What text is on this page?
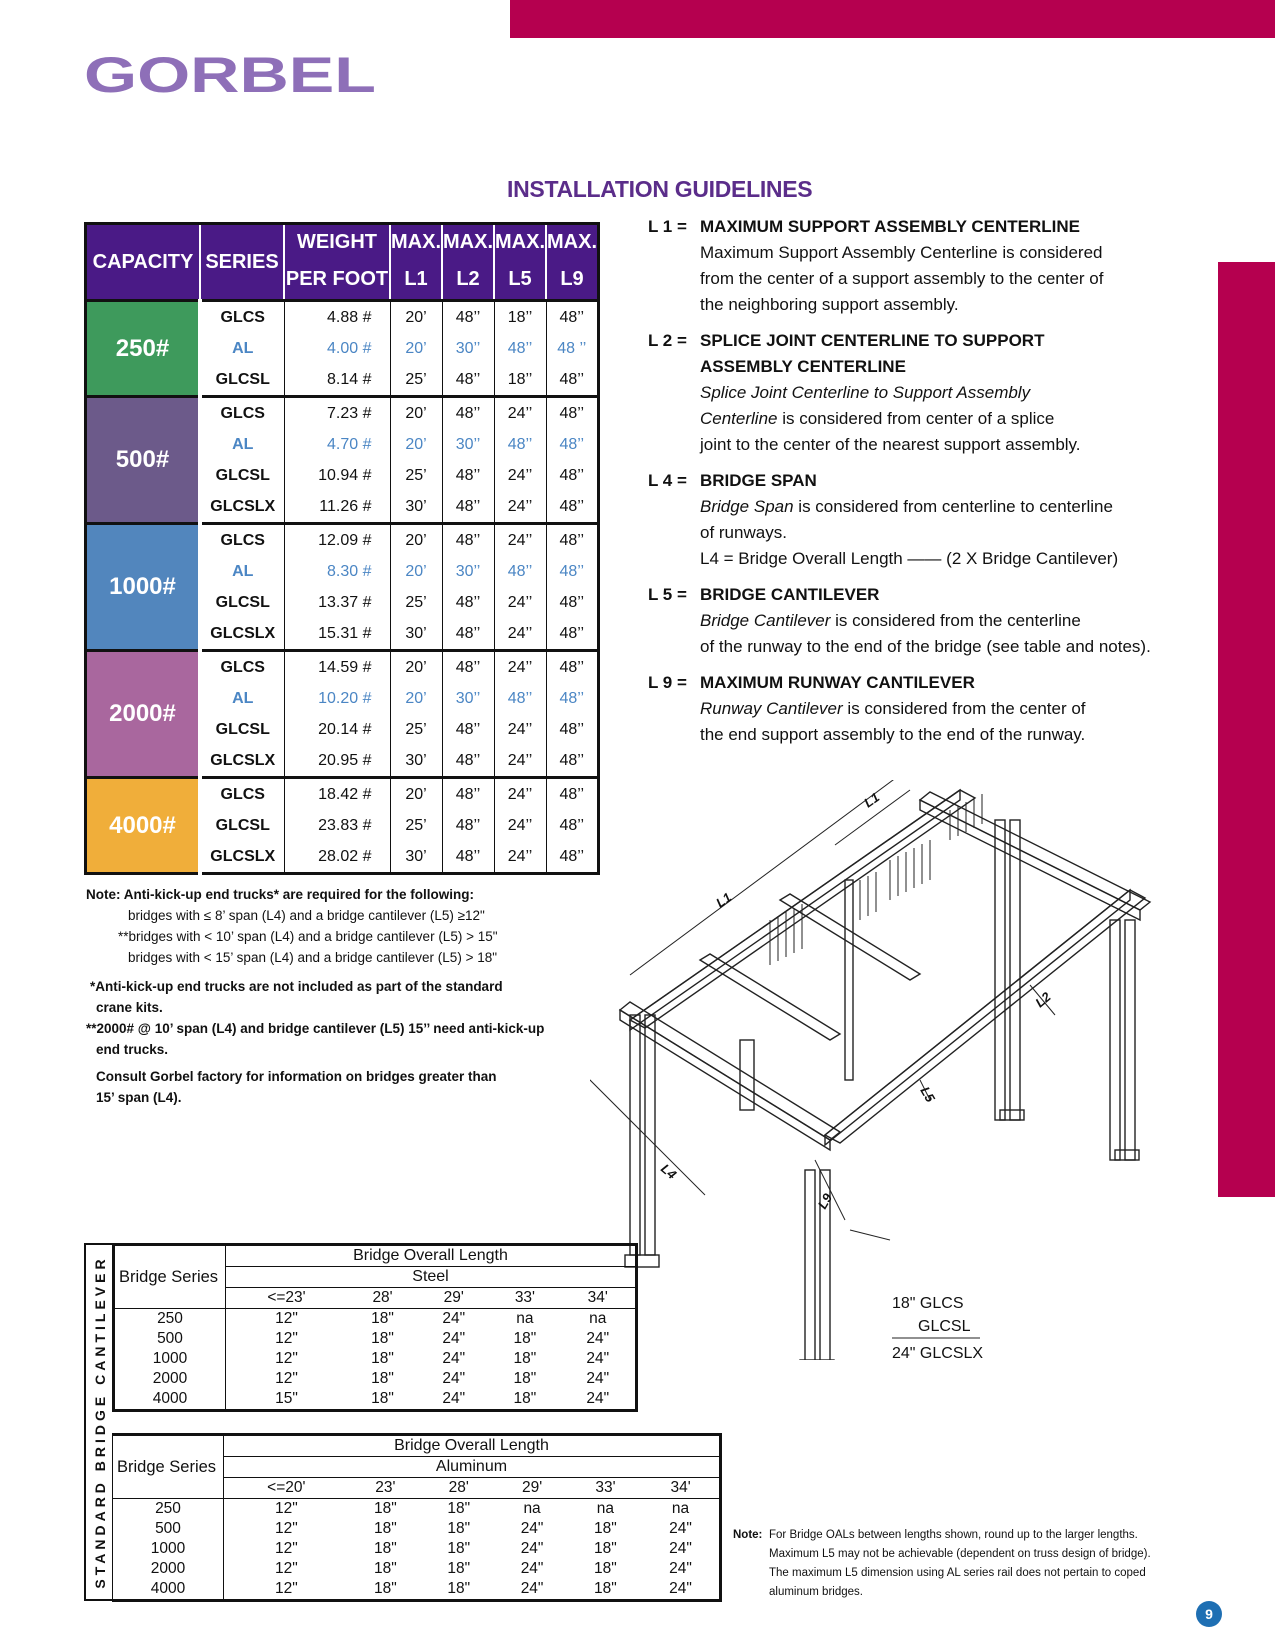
GORBEL
INSTALLATION GUIDELINES
CAPACITY	SERIES	WEIGHT	MAX.	MAX.	MAX.	MAX.
		PER FOOT	L1	L2	L5	L9
250#	GLCS	4.88 #	20’	48’’	18’’	48’’
	AL	4.00 #	20’	30’’	48’’	48 ’’
	GLCSL	8.14 #	25’	48’’	18’’	48’’
500#	GLCS	7.23 #	20’	48’’	24’’	48’’
	AL	4.70 #	20’	30’’	48’’	48’’
	GLCSL	10.94 #	25’	48’’	24’’	48’’
	GLCSLX	11.26 #	30’	48’’	24’’	48’’
1000#	GLCS	12.09 #	20’	48’’	24’’	48’’
	AL	8.30 #	20’	30’’	48’’	48’’
	GLCSL	13.37 #	25’	48’’	24’’	48’’
	GLCSLX	15.31 #	30’	48’’	24’’	48’’
2000#	GLCS	14.59 #	20’	48’’	24’’	48’’
	AL	10.20 #	20’	30’’	48’’	48’’
	GLCSL	20.14 #	25’	48’’	24’’	48’’
	GLCSLX	20.95 #	30’	48’’	24’’	48’’
4000#	GLCS	18.42 #	20’	48’’	24’’	48’’
	GLCSL	23.83 #	25’	48’’	24’’	48’’
	GLCSLX	28.02 #	30’	48’’	24’’	48’’
L 1 = MAXIMUM SUPPORT ASSEMBLY CENTERLINE
Maximum Support Assembly Centerline is considered
from the center of a support assembly to the center of
the neighboring support assembly.
L 2 = SPLICE JOINT CENTERLINE TO SUPPORT
ASSEMBLY CENTERLINE
Splice Joint Centerline to Support Assembly
Centerline is considered from center of a splice
joint to the center of the nearest support assembly.
L 4 = BRIDGE SPAN
Bridge Span is considered from centerline to centerline
of runways.
L4 = Bridge Overall Length —— (2 X Bridge Cantilever)
L 5 = BRIDGE CANTILEVER
Bridge Cantilever is considered from the centerline
of the runway to the end of the bridge (see table and notes).
L 9 = MAXIMUM RUNWAY CANTILEVER
Runway Cantilever is considered from the center of
the end support assembly to the end of the runway.
Note: Anti-kick-up end trucks* are required for the following:
bridges with ≤ 8’ span (L4) and a bridge cantilever (L5) ≥12"
**bridges with < 10’ span (L4) and a bridge cantilever (L5) > 15"
bridges with < 15’ span (L4) and a bridge cantilever (L5) > 18"
*Anti-kick-up end trucks are not included as part of the standard
crane kits.
**2000# @ 10’ span (L4) and bridge cantilever (L5) 15’’ need anti-kick-up
end trucks.
Consult Gorbel factory for information on bridges greater than
15’ span (L4).
L1
L1
L2
L4
L5
L9
18" GLCS
GLCSL
24" GLCSLX
STANDARD BRIDGE CANTILEVER Bridge Series	Bridge Overall Length				
	Steel				
	<=23'	28'	29'	33'	34'
250	12"	18"	24"	na	na
500	12"	18"	24"	18"	24"
1000	12"	18"	24"	18"	24"
2000	12"	18"	24"	18"	24"
4000	15"	18"	24"	18"	24"
Bridge Series	Bridge Overall Length					
	Aluminum					
	<=20'	23'	28'	29'	33'	34'
250	12"	18"	18"	na	na	na
500	12"	18"	18"	24"	18"	24"
1000	12"	18"	18"	24"	18"	24"
2000	12"	18"	18"	24"	18"	24"
4000	12"	18"	18"	24"	18"	24"
Note: For Bridge OALs between lengths shown, round up to the larger lengths.
Maximum L5 may not be achievable (dependent on truss design of bridge).
The maximum L5 dimension using AL series rail does not pertain to coped
aluminum bridges.
9
